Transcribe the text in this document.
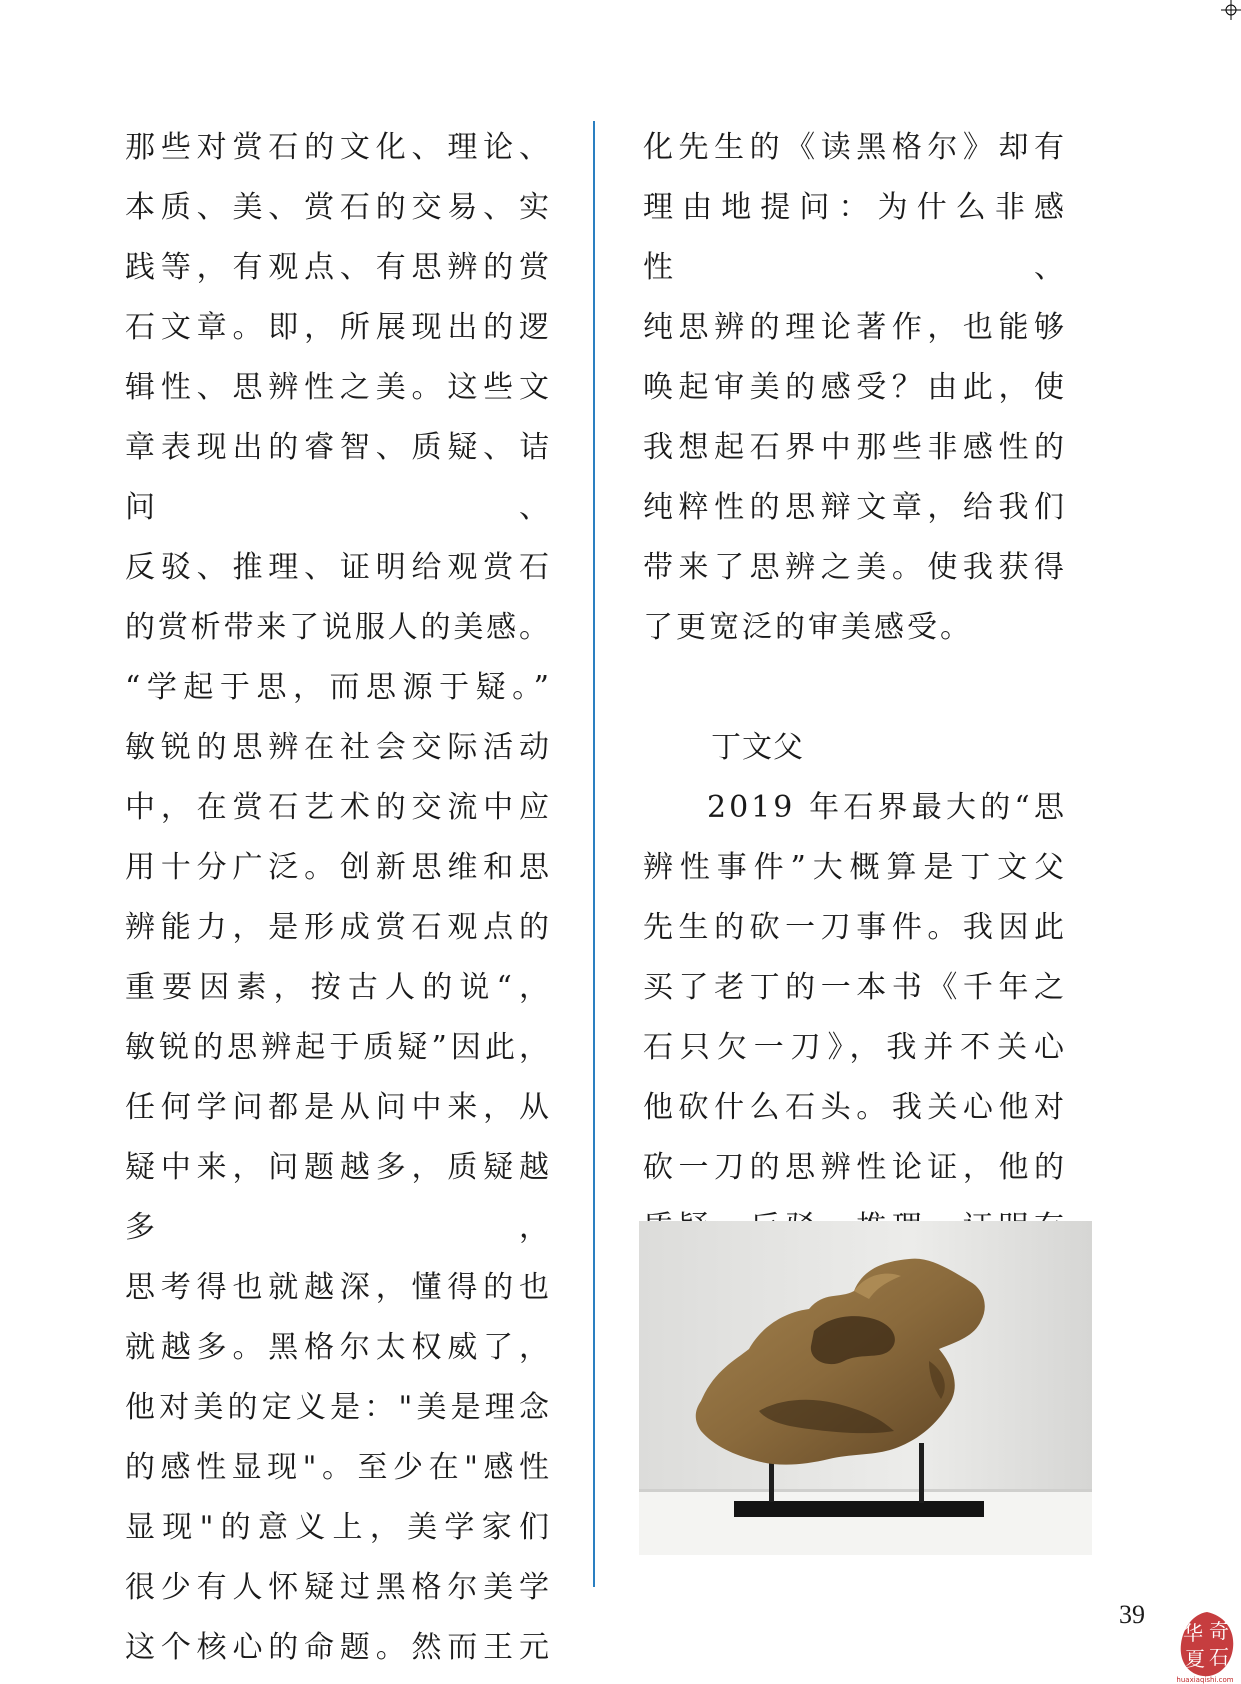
那些对赏石的文化、理论、

本质、美、赏石的交易、实

践等，有观点、有思辨的赏

石文章。即，所展现出的逻

辑性、思辨性之美。这些文

章表现出的睿智、质疑、诘问、

反驳、推理、证明给观赏石

的赏析带来了说服人的美感。

“学起于思，而思源于疑。”

敏锐的思辨在社会交际活动

中，在赏石艺术的交流中应

用十分广泛。创新思维和思

辨能力，是形成赏石观点的

重要因素，按古人的说“，

敏锐的思辨起于质疑”因此，

任何学问都是从问中来，从

疑中来，问题越多，质疑越多，

思考得也就越深，懂得的也

就越多。黑格尔太权威了，

他对美的定义是："美是理念

的感性显现"。至少在"感性

显现"的意义上，美学家们

很少有人怀疑过黑格尔美学

这个核心的命题。然而王元

化先生的《读黑格尔》却有

理由地提问：为什么非感性、

纯思辨的理论著作，也能够

唤起审美的感受？由此，使

我想起石界中那些非感性的

纯粹性的思辩文章，给我们

带来了思辨之美。使我获得

了更宽泛的审美感受。

丁文父

2019 年石界最大的“思

辨性事件”大概算是丁文父

先生的砍一刀事件。我因此

买了老丁的一本书《千年之

石只欠一刀》，我并不关心

他砍什么石头。我关心他对

砍一刀的思辨性论证，他的

39
华 奇
夏 石
huaxiaqishi.com
